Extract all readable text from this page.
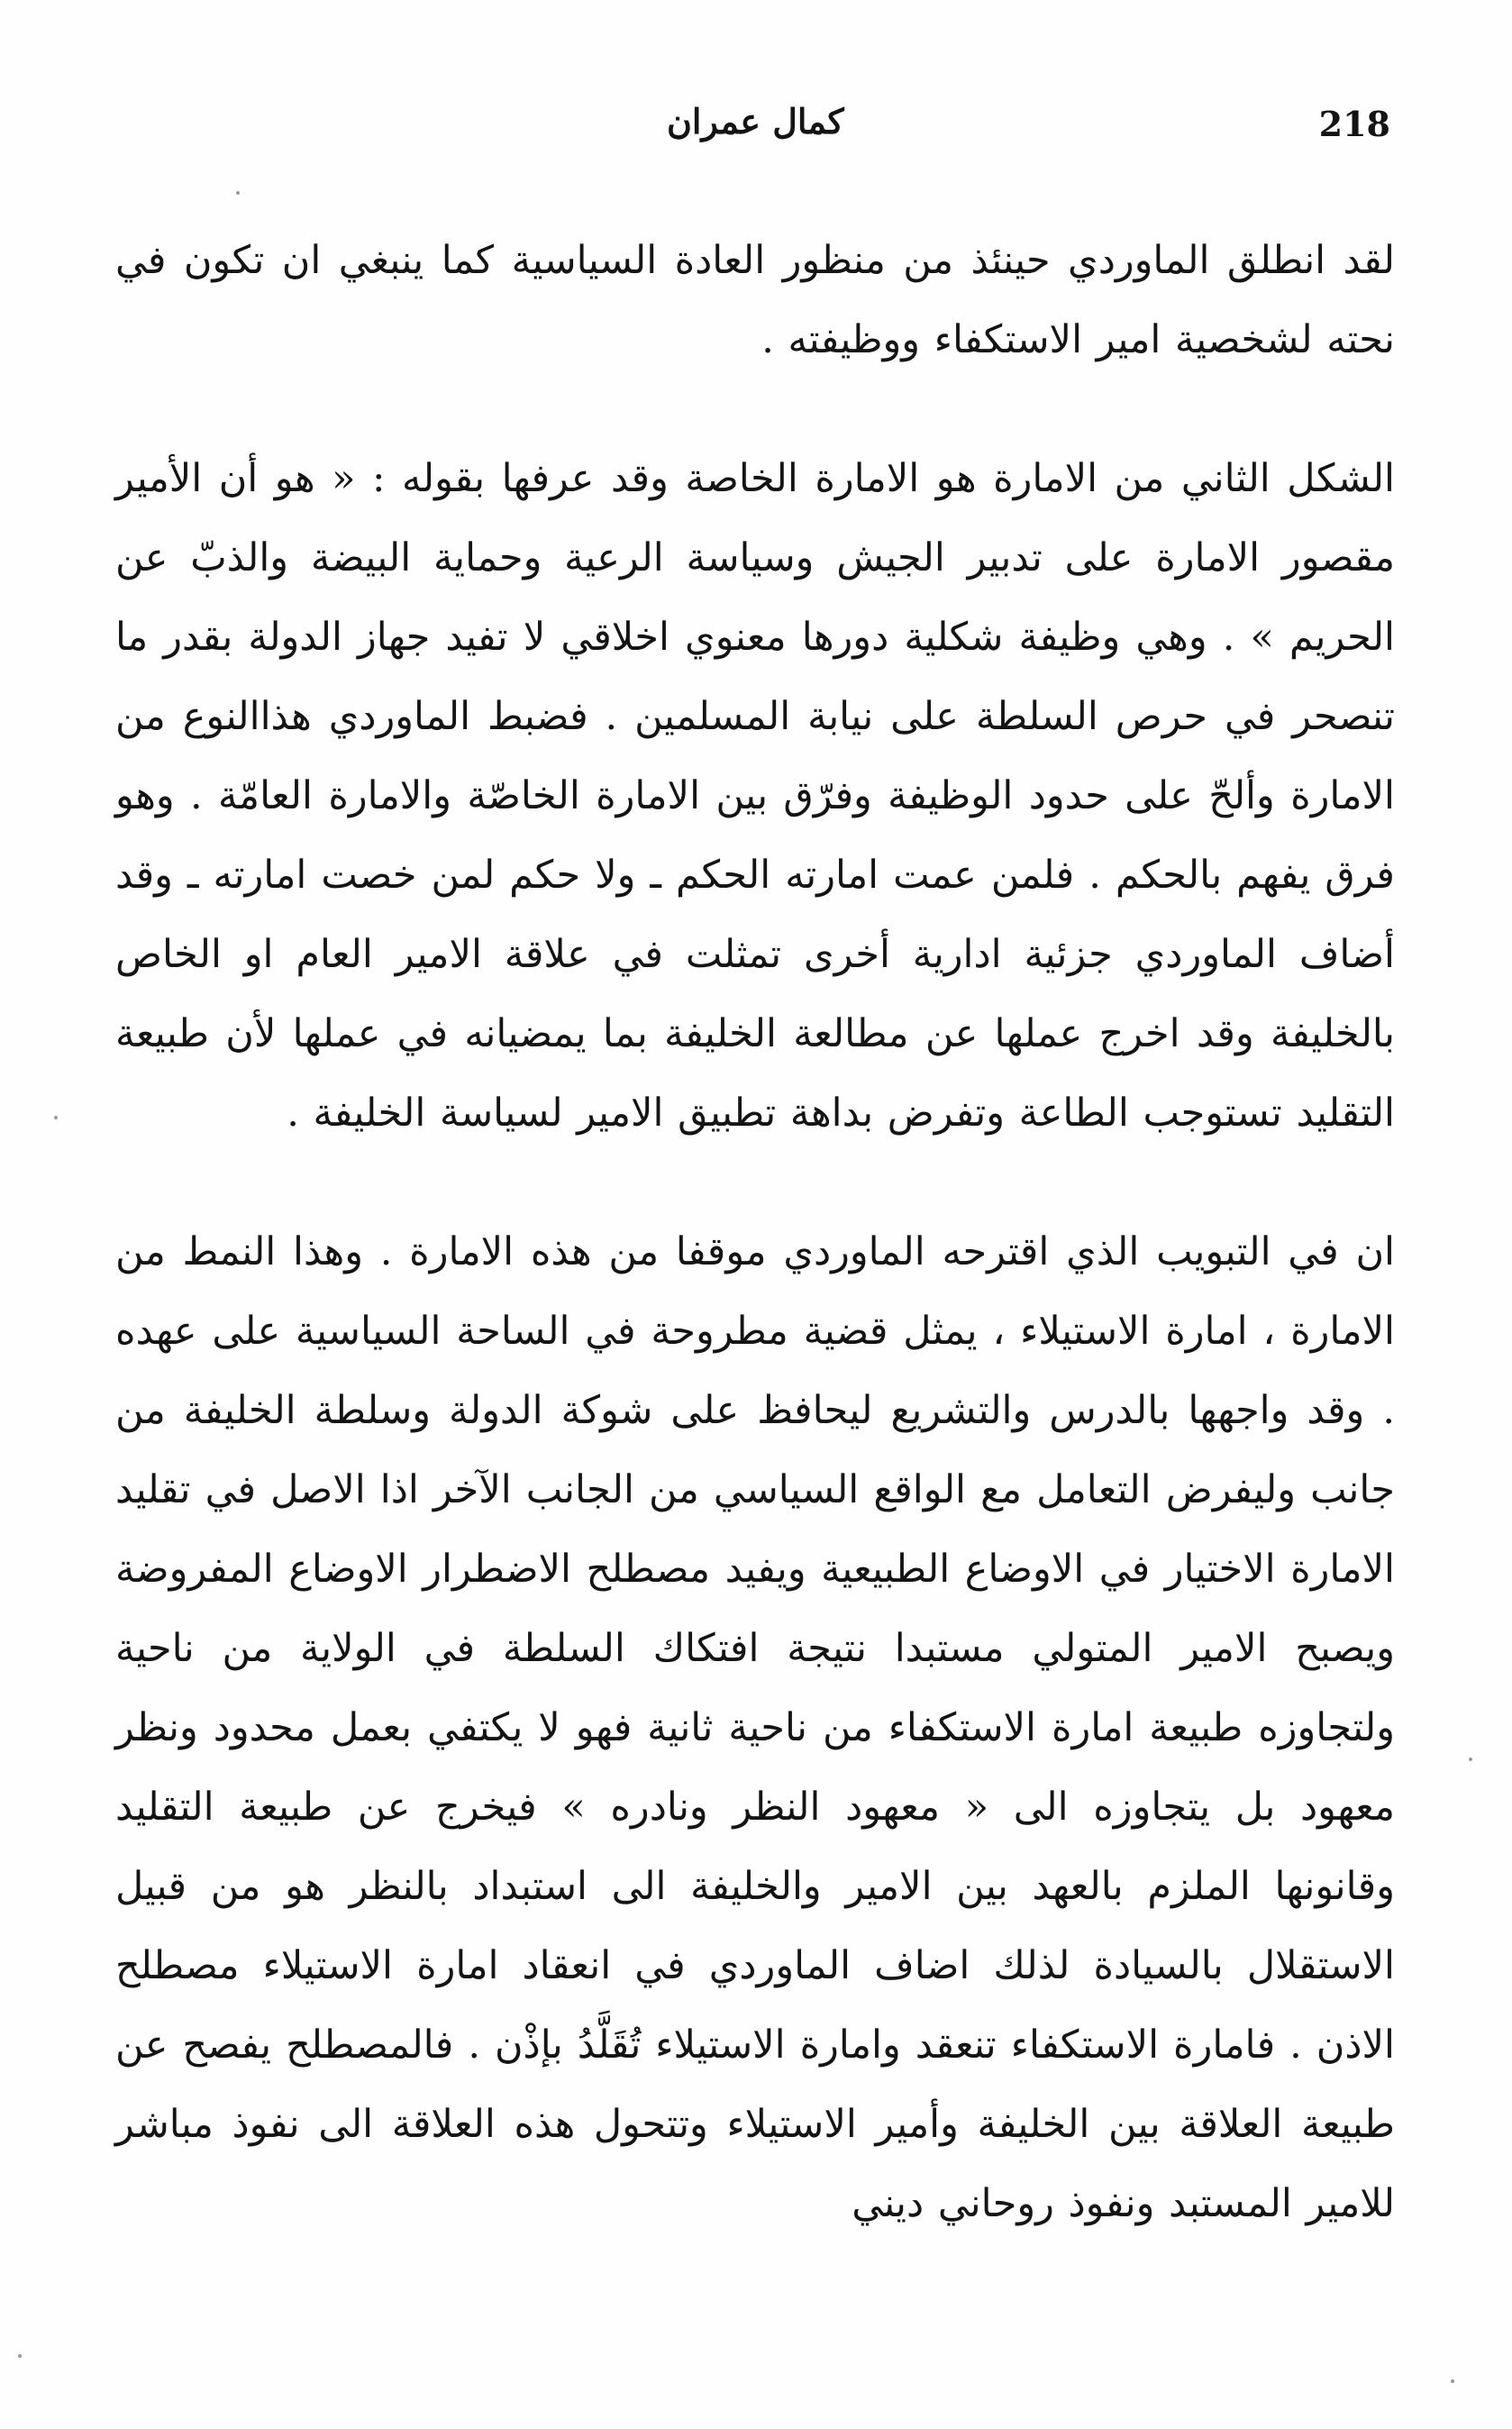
218
كمال عمران

لقد انطلق الماوردي حينئذ من منظور العادة السياسية كما ينبغي ان تكون في نحته لشخصية امير الاستكفاء ووظيفته .

الشكل الثاني من الامارة هو الامارة الخاصة وقد عرفها بقوله : « هو أن الأمير مقصور الامارة على تدبير الجيش وسياسة الرعية وحماية البيضة والذبّ عن الحريم » . وهي وظيفة شكلية دورها معنوي اخلاقي لا تفيد جهاز الدولة بقدر ما تنصحر في حرص السلطة على نيابة المسلمين . فضبط الماوردي هذاالنوع من الامارة وألحّ على حدود الوظيفة وفرّق بين الامارة الخاصّة والامارة العامّة . وهو فرق يفهم بالحكم . فلمن عمت امارته الحكم ـ ولا حكم لمن خصت امارته ـ وقد أضاف الماوردي جزئية ادارية أخرى تمثلت في علاقة الامير العام او الخاص بالخليفة وقد اخرج عملها عن مطالعة الخليفة بما يمضيانه في عملها لأن طبيعة التقليد تستوجب الطاعة وتفرض بداهة تطبيق الامير لسياسة الخليفة .

ان في التبويب الذي اقترحه الماوردي موقفا من هذه الامارة . وهذا النمط من الامارة ، امارة الاستيلاء ، يمثل قضية مطروحة في الساحة السياسية على عهده . وقد واجهها بالدرس والتشريع ليحافظ على شوكة الدولة وسلطة الخليفة من جانب وليفرض التعامل مع الواقع السياسي من الجانب الآخر اذا الاصل في تقليد الامارة الاختيار في الاوضاع الطبيعية ويفيد مصطلح الاضطرار الاوضاع المفروضة ويصبح الامير المتولي مستبدا نتيجة افتكاك السلطة في الولاية من ناحية ولتجاوزه طبيعة امارة الاستكفاء من ناحية ثانية فهو لا يكتفي بعمل محدود ونظر معهود بل يتجاوزه الى « معهود النظر ونادره » فيخرج عن طبيعة التقليد وقانونها الملزم بالعهد بين الامير والخليفة الى استبداد بالنظر هو من قبيل الاستقلال بالسيادة لذلك اضاف الماوردي في انعقاد امارة الاستيلاء مصطلح الاذن . فامارة الاستكفاء تنعقد وامارة الاستيلاء تُقَلَّدُ بإذْن . فالمصطلح يفصح عن طبيعة العلاقة بين الخليفة وأمير الاستيلاء وتتحول هذه العلاقة الى نفوذ مباشر للامير المستبد ونفوذ روحاني ديني
